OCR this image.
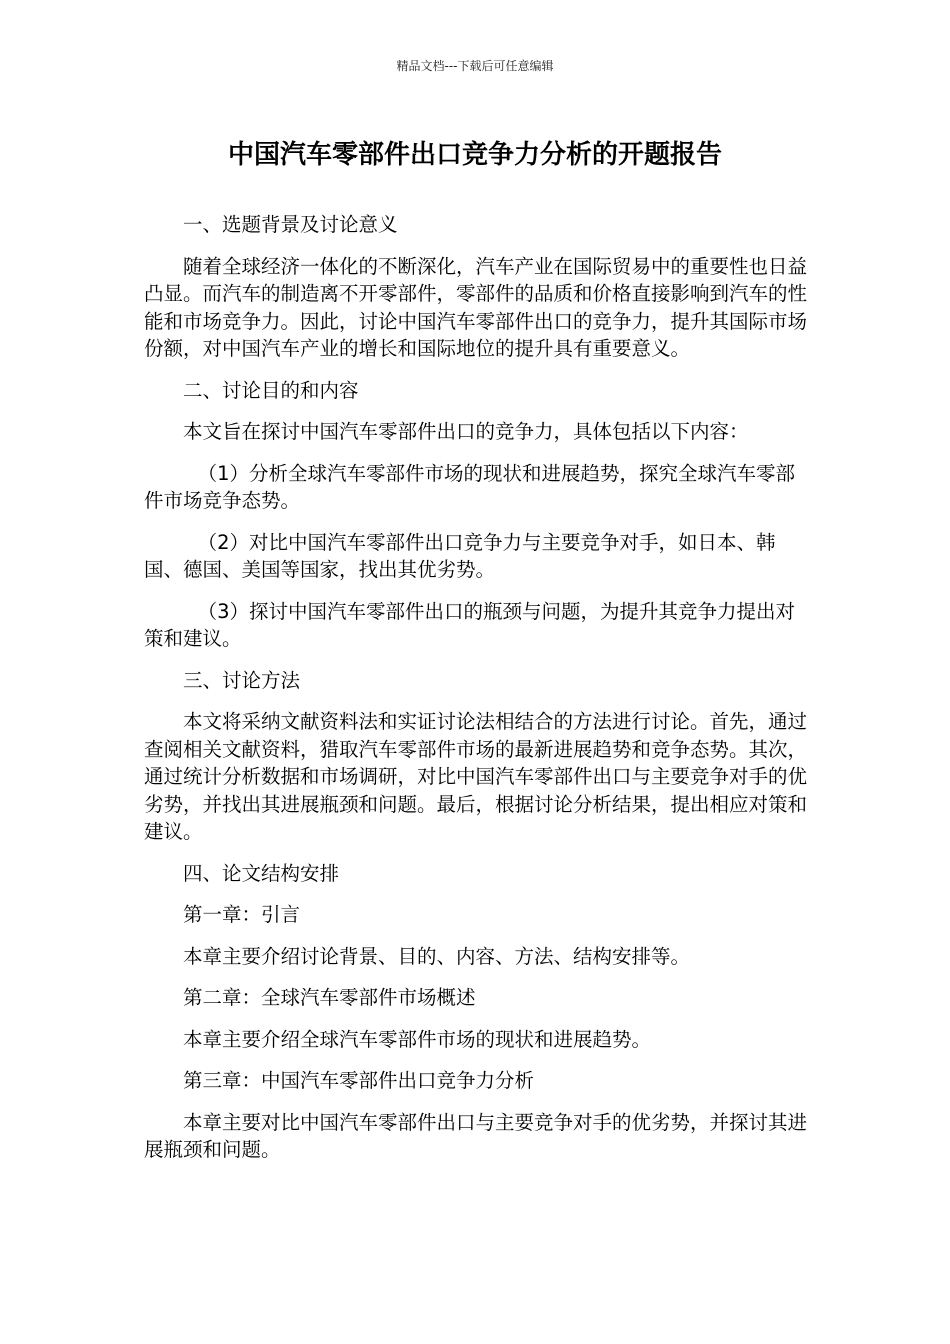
精品文档---下载后可任意编辑
中国汽车零部件出口竞争力分析的开题报告

一、选题背景及讨论意义

随着全球经济一体化的不断深化，汽车产业在国际贸易中的重要性也日益凸显。而汽车的制造离不开零部件，零部件的品质和价格直接影响到汽车的性能和市场竞争力。因此，讨论中国汽车零部件出口的竞争力，提升其国际市场份额，对中国汽车产业的增长和国际地位的提升具有重要意义。

二、讨论目的和内容

本文旨在探讨中国汽车零部件出口的竞争力，具体包括以下内容：

（1）分析全球汽车零部件市场的现状和进展趋势，探究全球汽车零部件市场竞争态势。

（2）对比中国汽车零部件出口竞争力与主要竞争对手，如日本、韩国、德国、美国等国家，找出其优劣势。

（3）探讨中国汽车零部件出口的瓶颈与问题，为提升其竞争力提出对策和建议。

三、讨论方法

本文将采纳文献资料法和实证讨论法相结合的方法进行讨论。首先，通过查阅相关文献资料，猎取汽车零部件市场的最新进展趋势和竞争态势。其次，通过统计分析数据和市场调研，对比中国汽车零部件出口与主要竞争对手的优劣势，并找出其进展瓶颈和问题。最后，根据讨论分析结果，提出相应对策和建议。

四、论文结构安排

第一章：引言

本章主要介绍讨论背景、目的、内容、方法、结构安排等。

第二章：全球汽车零部件市场概述

本章主要介绍全球汽车零部件市场的现状和进展趋势。

第三章：中国汽车零部件出口竞争力分析

本章主要对比中国汽车零部件出口与主要竞争对手的优劣势，并探讨其进展瓶颈和问题。
